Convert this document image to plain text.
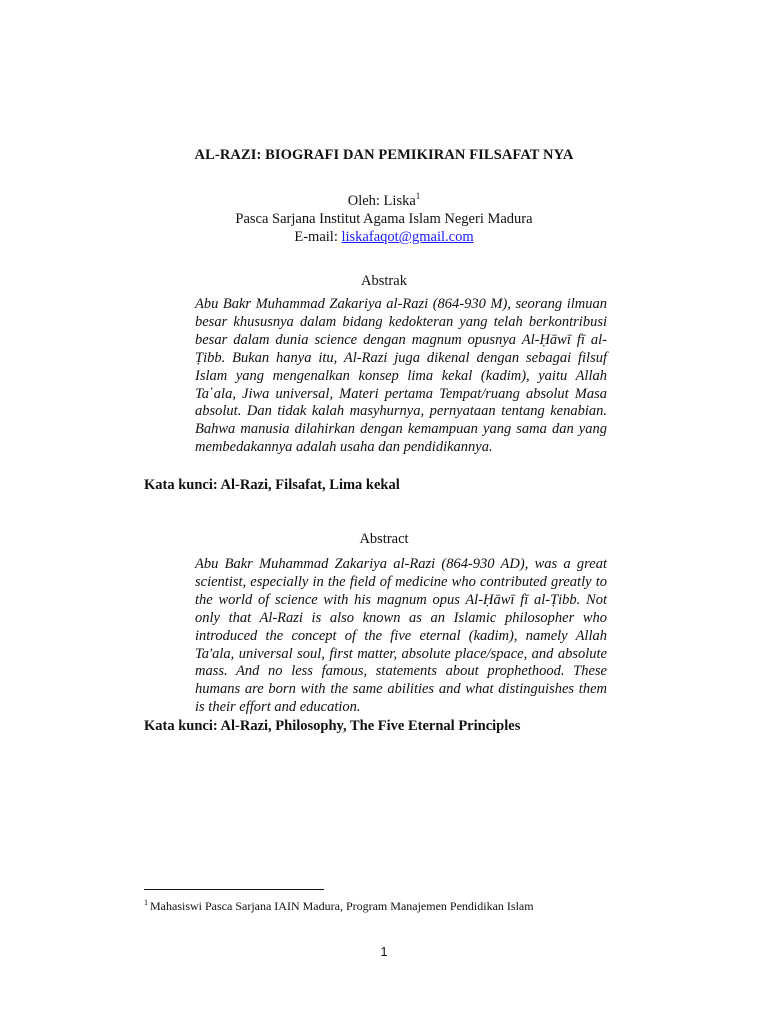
AL-RAZI: BIOGRAFI DAN PEMIKIRAN FILSAFAT NYA
Oleh: Liska$^1$
Pasca Sarjana Institut Agama Islam Negeri Madura
E-mail: liskafaqot@gmail.com
Abstrak
Abu Bakr Muhammad Zakariya al-Razi (864-930 M), seorang ilmuan besar khususnya dalam bidang kedokteran yang telah berkontribusi besar dalam dunia science dengan magnum opusnya Al-Ḥāwī fī al-Ṭibb. Bukan hanya itu, Al-Razi juga dikenal dengan sebagai filsuf Islam yang mengenalkan konsep lima kekal (kadim), yaitu Allah Ta῾ala, Jiwa universal, Materi pertama Tempat/ruang absolut Masa absolut. Dan tidak kalah masyhurnya, pernyataan tentang kenabian. Bahwa manusia dilahirkan dengan kemampuan yang sama dan yang membedakannya adalah usaha dan pendidikannya.
Kata kunci: Al-Razi, Filsafat, Lima kekal
Abstract
Abu Bakr Muhammad Zakariya al-Razi (864-930 AD), was a great scientist, especially in the field of medicine who contributed greatly to the world of science with his magnum opus Al-Ḥāwī fī al-Ṭibb. Not only that Al-Razi is also known as an Islamic philosopher who introduced the concept of the five eternal (kadim), namely Allah Ta'ala, universal soul, first matter, absolute place/space, and absolute mass. And no less famous, statements about prophethood. These humans are born with the same abilities and what distinguishes them is their effort and education.
Kata kunci: Al-Razi, Philosophy, The Five Eternal Principles
$^1$ Mahasiswi Pasca Sarjana IAIN Madura, Program Manajemen Pendidikan Islam
1
